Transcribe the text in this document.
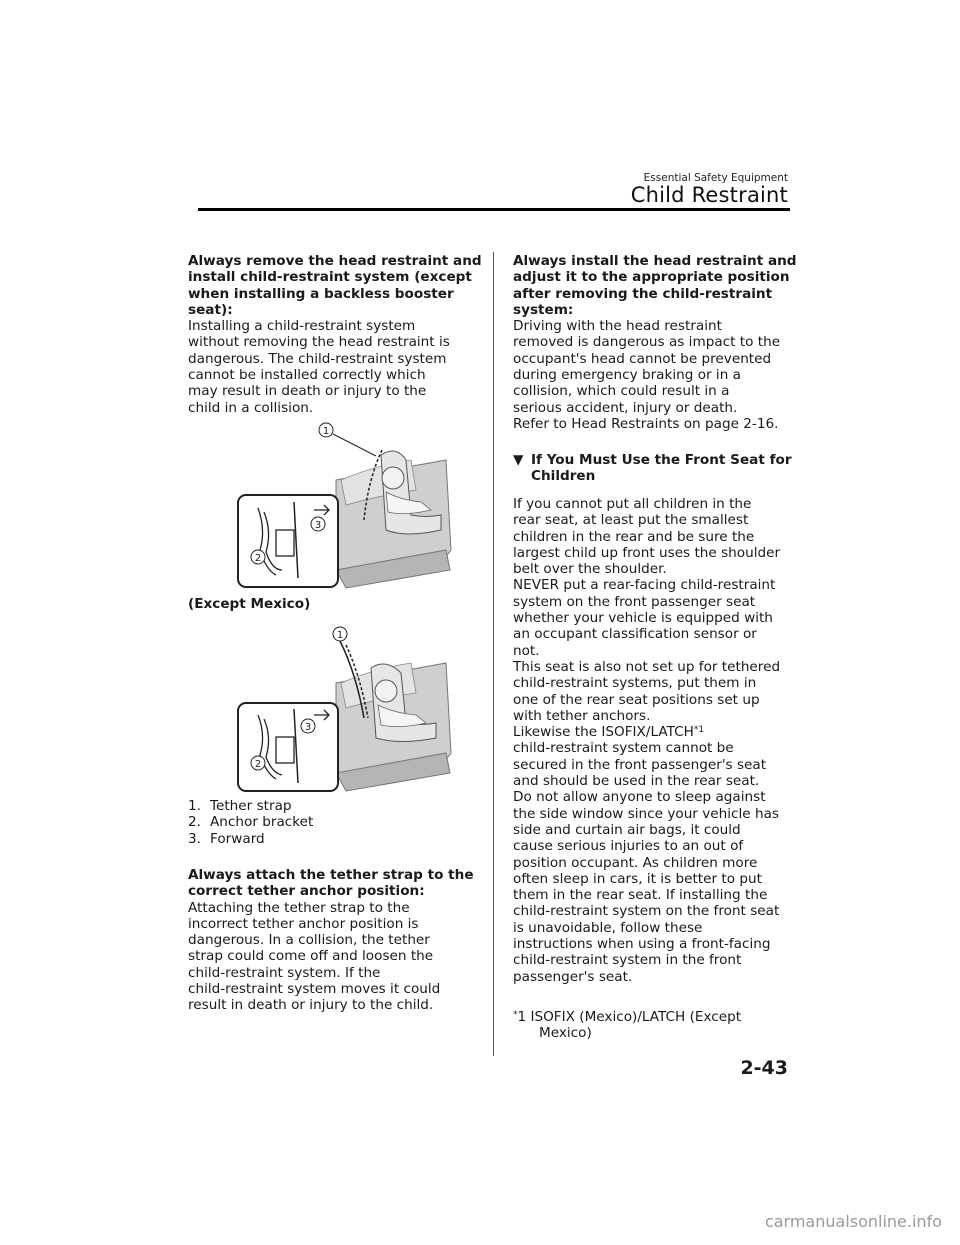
Essential Safety Equipment
Child Restraint
Always remove the head restraint and
install child-restraint system (except
when installing a backless booster
seat):
Installing a child-restraint system
without removing the head restraint is
dangerous. The child-restraint system
cannot be installed correctly which
may result in death or injury to the
child in a collision.
1
2
3
(Except Mexico)
1
2
3
1. Tether strap
2. Anchor bracket
3. Forward
Always attach the tether strap to the
correct tether anchor position:
Attaching the tether strap to the
incorrect tether anchor position is
dangerous. In a collision, the tether
strap could come off and loosen the
child-restraint system. If the
child-restraint system moves it could
result in death or injury to the child.
Always install the head restraint and
adjust it to the appropriate position
after removing the child-restraint
system:
Driving with the head restraint
removed is dangerous as impact to the
occupant's head cannot be prevented
during emergency braking or in a
collision, which could result in a
serious accident, injury or death.
Refer to Head Restraints on page 2-16.
▼ If You Must Use the Front Seat for
Children
If you cannot put all children in the
rear seat, at least put the smallest
children in the rear and be sure the
largest child up front uses the shoulder
belt over the shoulder.
NEVER put a rear-facing child-restraint
system on the front passenger seat
whether your vehicle is equipped with
an occupant classification sensor or
not.
This seat is also not set up for tethered
child-restraint systems, put them in
one of the rear seat positions set up
with tether anchors.
Likewise the ISOFIX/LATCH$^{*1}$
child-restraint system cannot be
secured in the front passenger's seat
and should be used in the rear seat.
Do not allow anyone to sleep against
the side window since your vehicle has
side and curtain air bags, it could
cause serious injuries to an out of
position occupant. As children more
often sleep in cars, it is better to put
them in the rear seat. If installing the
child-restraint system on the front seat
is unavoidable, follow these
instructions when using a front-facing
child-restraint system in the front
passenger's seat.
*1 ISOFIX (Mexico)/LATCH (Except
Mexico)
2-43
carmanualsonline.info
